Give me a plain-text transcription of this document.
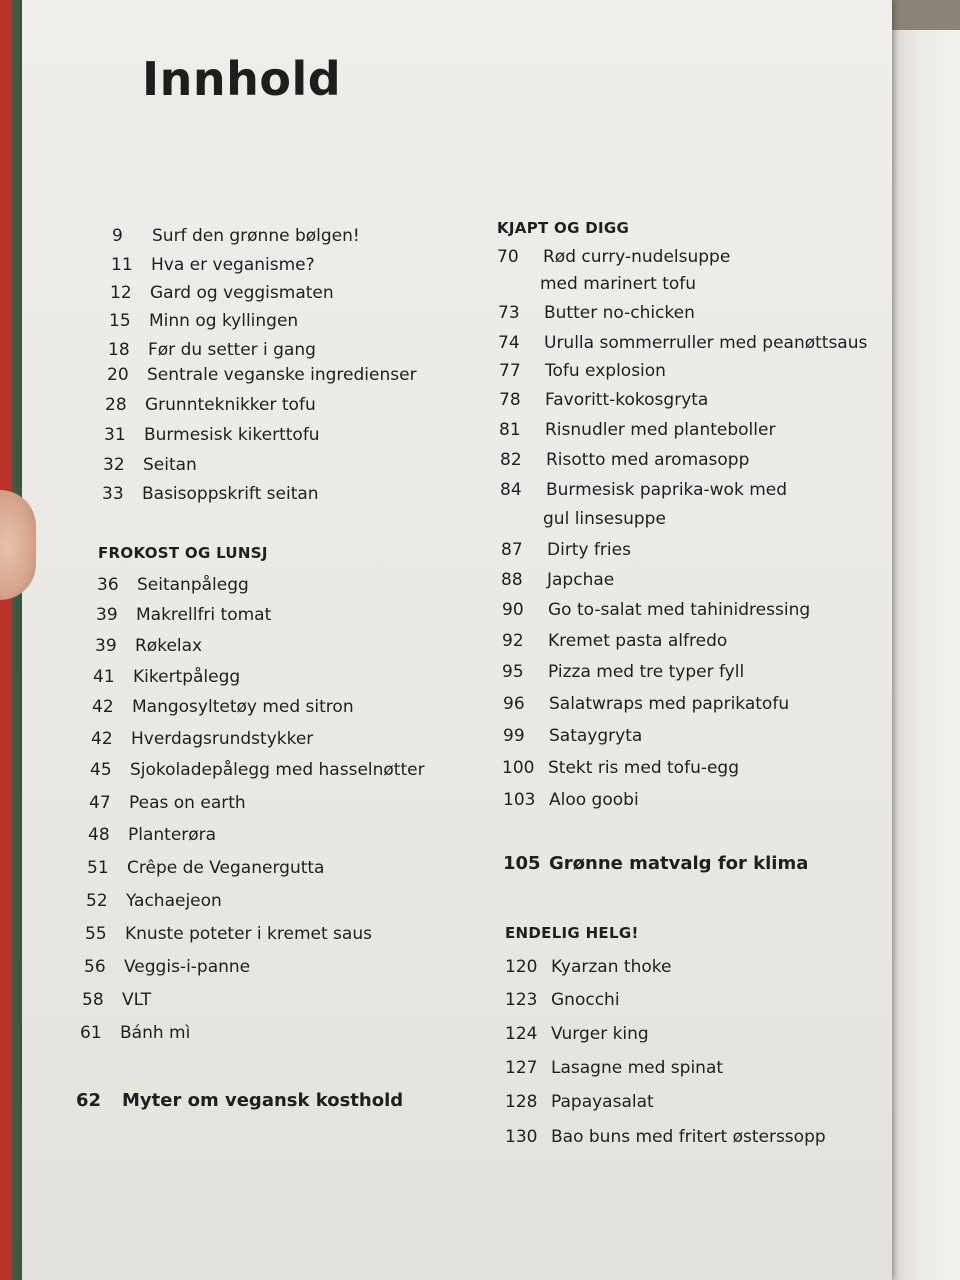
Innhold
9 Surf den grønne bølgen!
11 Hva er veganisme?
12 Gard og veggismaten
15 Minn og kyllingen
18 Før du setter i gang
20 Sentrale veganske ingredienser
28 Grunnteknikker tofu
31 Burmesisk kikerttofu
32 Seitan
33 Basisoppskrift seitan
FROKOST OG LUNSJ
36 Seitanpålegg
39 Makrellfri tomat
39 Røkelax
41 Kikertpålegg
42 Mangosyltetøy med sitron
42 Hverdagsrundstykker
45 Sjokoladepålegg med hasselnøtter
47 Peas on earth
48 Planterøra
51 Crêpe de Veganergutta
52 Yachaejeon
55 Knuste poteter i kremet saus
56 Veggis-i-panne
58 VLT
61 Bánh mì
62 Myter om vegansk kosthold
KJAPT OG DIGG
70 Rød curry-nudelsuppe
med marinert tofu
73 Butter no-chicken
74 Urulla sommerruller med peanøttsaus
77 Tofu explosion
78 Favoritt-kokosgryta
81 Risnudler med planteboller
82 Risotto med aromasopp
84 Burmesisk paprika-wok med
gul linsesuppe
87 Dirty fries
88 Japchae
90 Go to-salat med tahinidressing
92 Kremet pasta alfredo
95 Pizza med tre typer fyll
96 Salatwraps med paprikatofu
99 Sataygryta
100 Stekt ris med tofu-egg
103 Aloo goobi
105 Grønne matvalg for klima
ENDELIG HELG!
120 Kyarzan thoke
123 Gnocchi
124 Vurger king
127 Lasagne med spinat
128 Papayasalat
130 Bao buns med fritert østerssopp
